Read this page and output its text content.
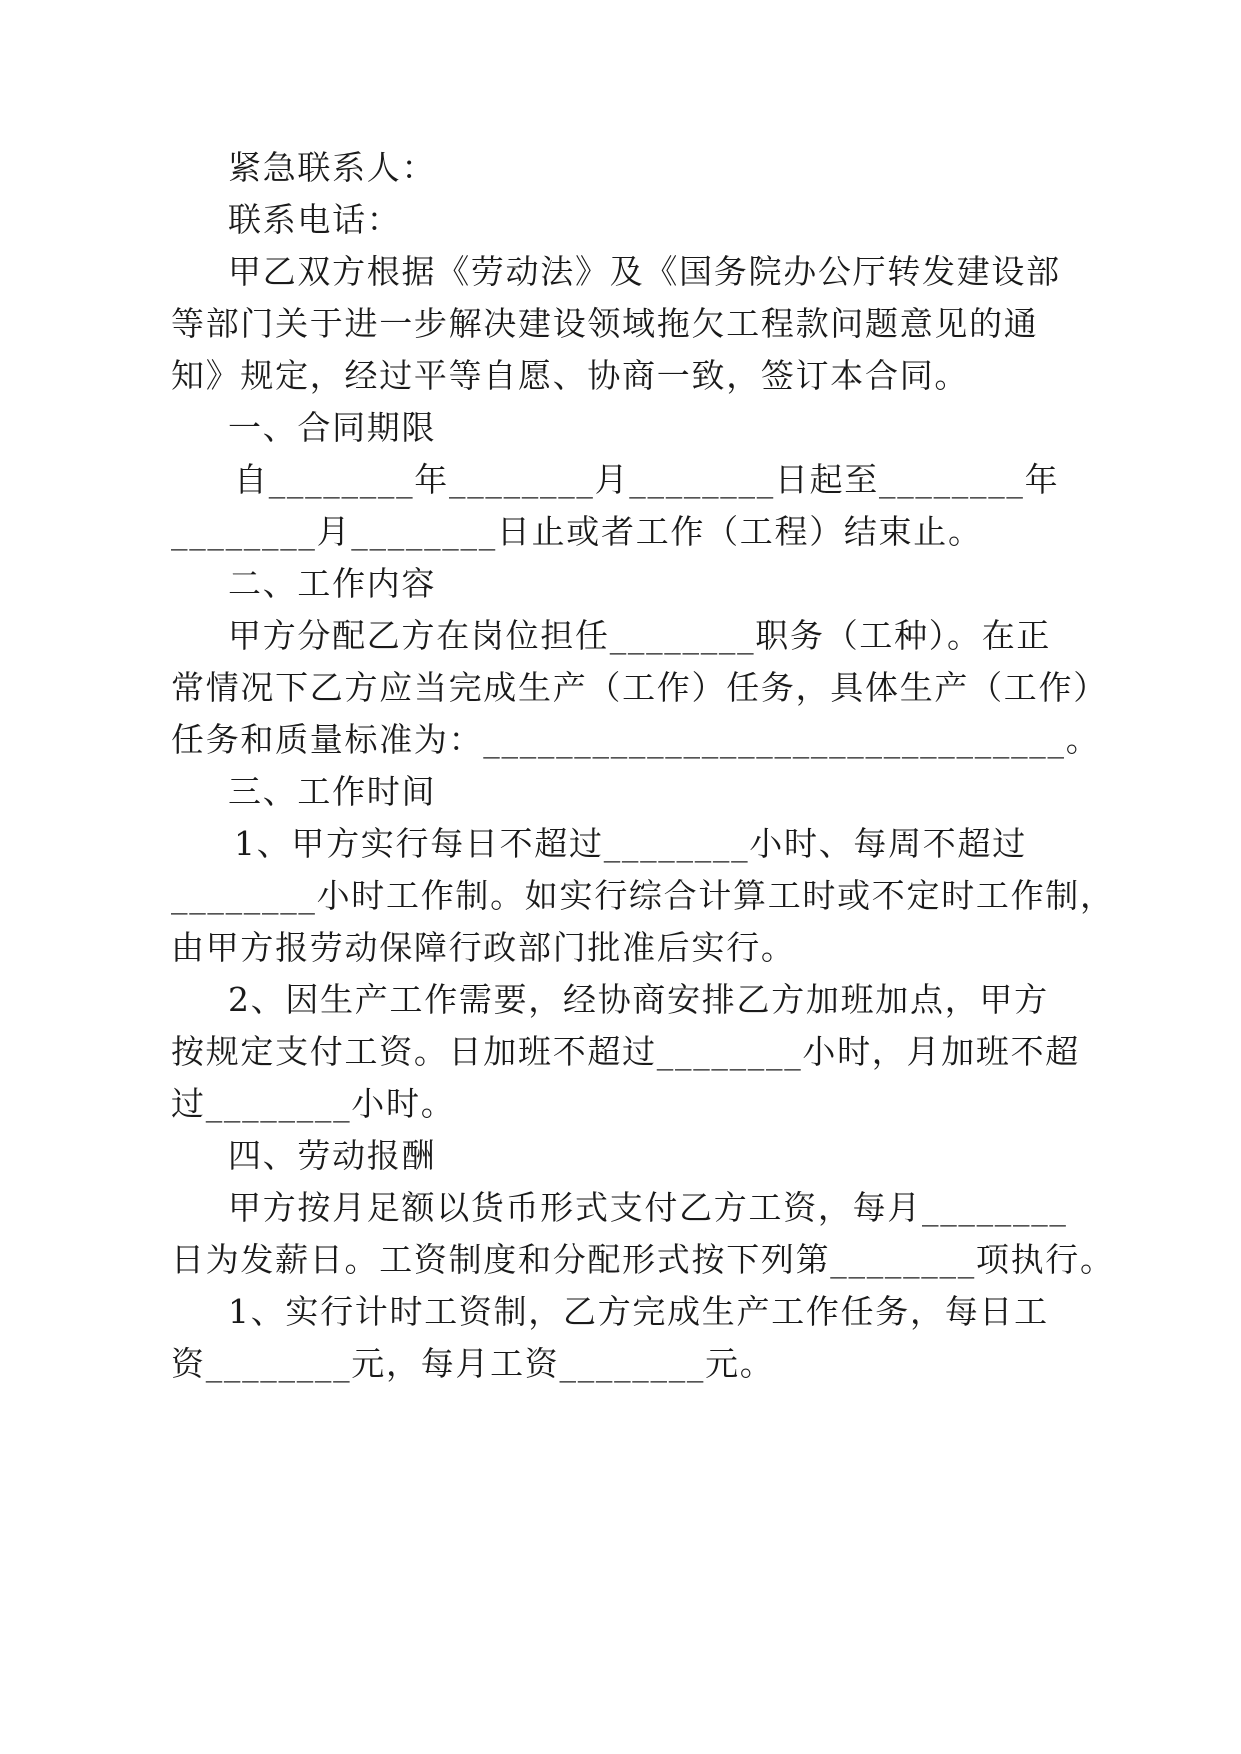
紧急联系人：
联系电话：
甲乙双方根据《劳动法》及《国务院办公厅转发建设部
等部门关于进一步解决建设领域拖欠工程款问题意见的通
知》规定，经过平等自愿、协商一致，签订本合同。
一、合同期限
自________年________月________日起至________年
________月________日止或者工作（工程）结束止。
二、工作内容
甲方分配乙方在岗位担任________职务（工种）。在正
常情况下乙方应当完成生产（工作）任务，具体生产（工作）
任务和质量标准为：________________________________。
三、工作时间
1、甲方实行每日不超过________小时、每周不超过
________小时工作制。如实行综合计算工时或不定时工作制，
由甲方报劳动保障行政部门批准后实行。
2、因生产工作需要，经协商安排乙方加班加点，甲方
按规定支付工资。日加班不超过________小时，月加班不超
过________小时。
四、劳动报酬
甲方按月足额以货币形式支付乙方工资，每月________
日为发薪日。工资制度和分配形式按下列第________项执行。
1、实行计时工资制，乙方完成生产工作任务，每日工
资________元，每月工资________元。
